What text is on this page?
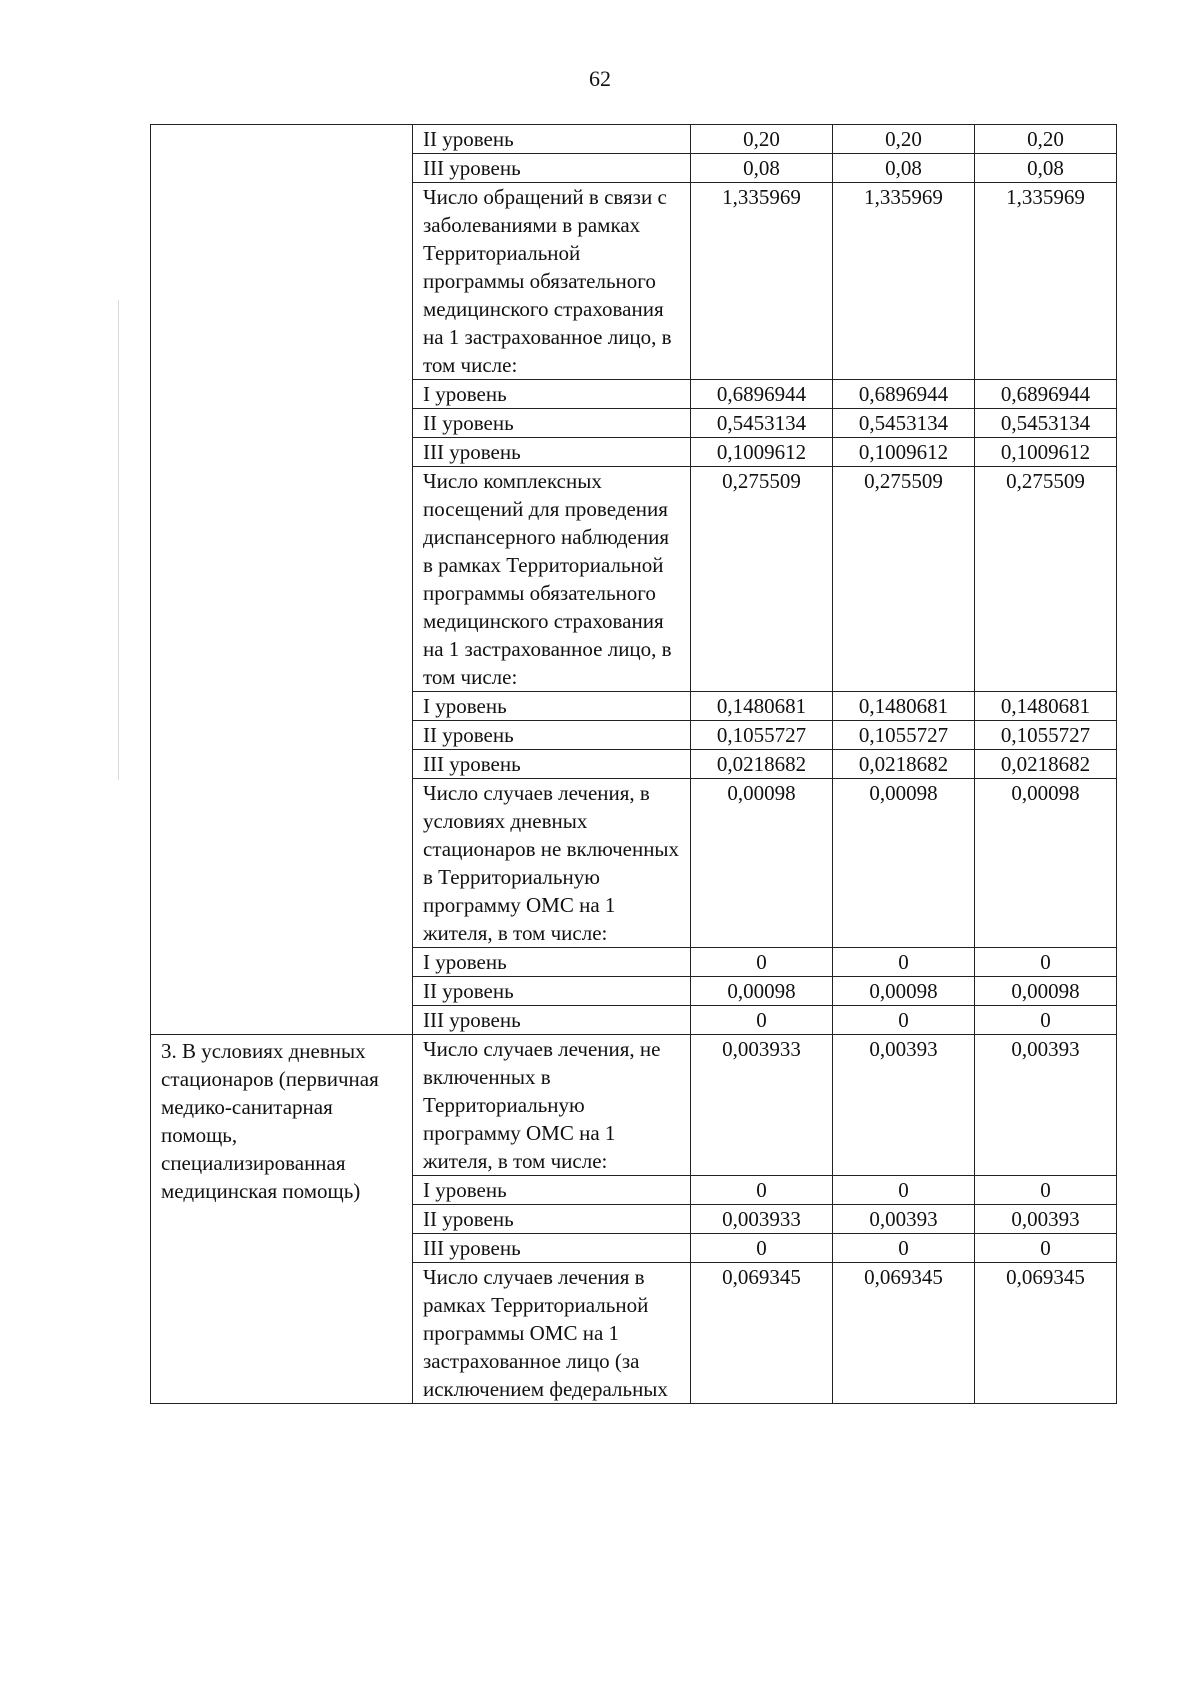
62
	II уровень	0,20	0,20	0,20
	III уровень	0,08	0,08	0,08
	Число обращений в связи с заболеваниями в рамках Территориальной программы обязательного медицинского страхования на 1 застрахованное лицо, в том числе:	1,335969	1,335969	1,335969
	I уровень	0,6896944	0,6896944	0,6896944
	II уровень	0,5453134	0,5453134	0,5453134
	III уровень	0,1009612	0,1009612	0,1009612
	Число комплексных посещений для проведения диспансерного наблюдения в рамках Территориальной программы обязательного медицинского страхования на 1 застрахованное лицо, в том числе:	0,275509	0,275509	0,275509
	I уровень	0,1480681	0,1480681	0,1480681
	II уровень	0,1055727	0,1055727	0,1055727
	III уровень	0,0218682	0,0218682	0,0218682
	Число случаев лечения, в условиях дневных стационаров не включенных в Территориальную программу ОМС на 1 жителя, в том числе:	0,00098	0,00098	0,00098
	I уровень	0	0	0
	II уровень	0,00098	0,00098	0,00098
	III уровень	0	0	0
3. В условиях дневных стационаров (первичная медико-санитарная помощь, специализированная медицинская помощь)	Число случаев лечения, не включенных в Территориальную программу ОМС на 1 жителя, в том числе:	0,003933	0,00393	0,00393
	I уровень	0	0	0
	II уровень	0,003933	0,00393	0,00393
	III уровень	0	0	0
	Число случаев лечения в рамках Территориальной программы ОМС на 1 застрахованное лицо (за исключением федеральных	0,069345	0,069345	0,069345
